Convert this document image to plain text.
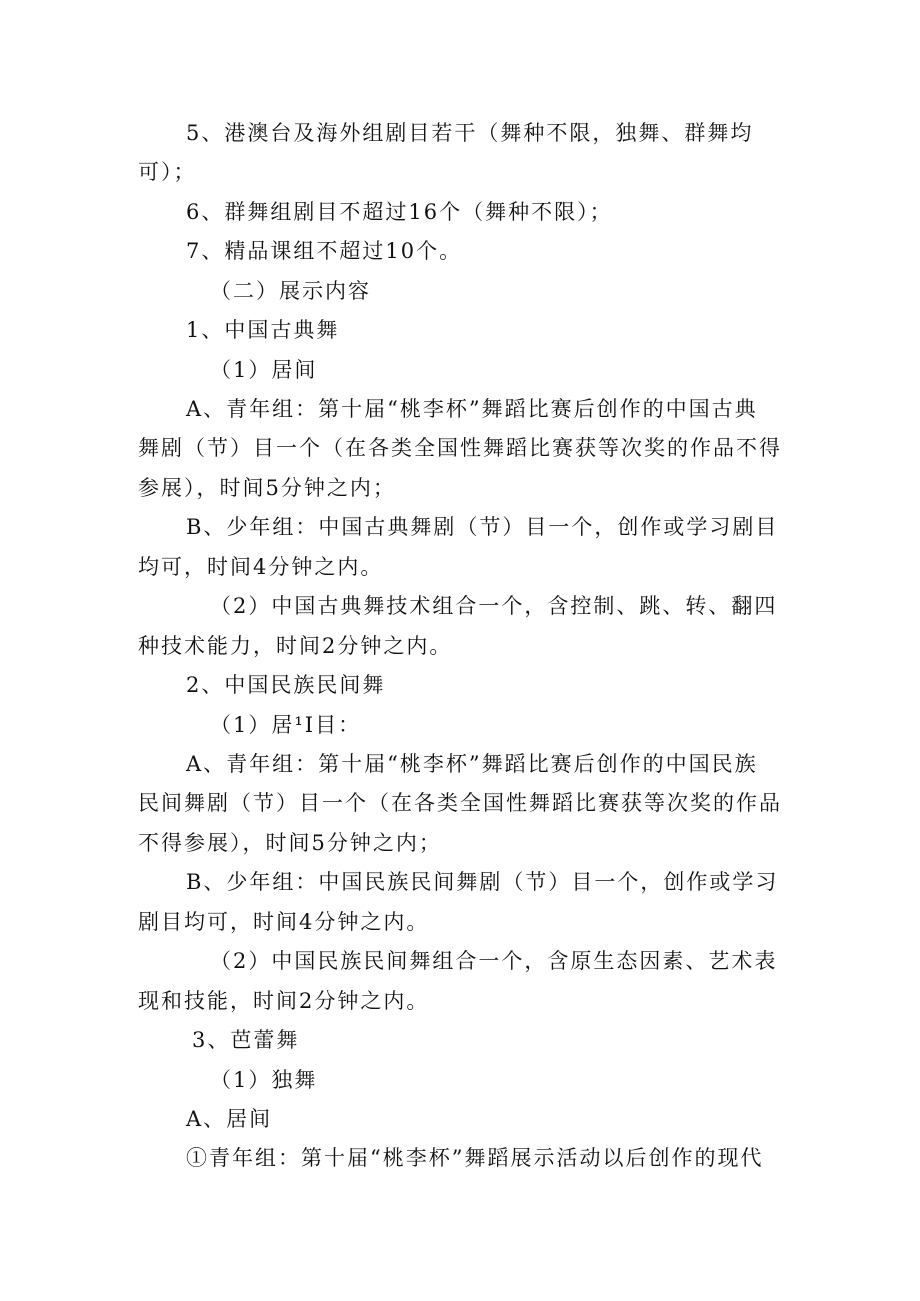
5、港澳台及海外组剧目若干（舞种不限，独舞、群舞均
可）；
6、群舞组剧目不超过16个（舞种不限）；
7、精品课组不超过10个。
（二）展示内容
1、中国古典舞
（1）居间
A、青年组：第十届“桃李杯”舞蹈比赛后创作的中国古典
舞剧（节）目一个（在各类全国性舞蹈比赛获等次奖的作品不得
参展），时间5分钟之内；
B、少年组：中国古典舞剧（节）目一个，创作或学习剧目
均可，时间4分钟之内。
（2）中国古典舞技术组合一个，含控制、跳、转、翻四
种技术能力，时间2分钟之内。
2、中国民族民间舞
（1）居¹I目：
A、青年组：第十届“桃李杯”舞蹈比赛后创作的中国民族
民间舞剧（节）目一个（在各类全国性舞蹈比赛获等次奖的作品
不得参展），时间5分钟之内；
B、少年组：中国民族民间舞剧（节）目一个，创作或学习
剧目均可，时间4分钟之内。
（2）中国民族民间舞组合一个，含原生态因素、艺术表
现和技能，时间2分钟之内。
3、芭蕾舞
（1）独舞
A、居间
①青年组：第十届“桃李杯”舞蹈展示活动以后创作的现代
